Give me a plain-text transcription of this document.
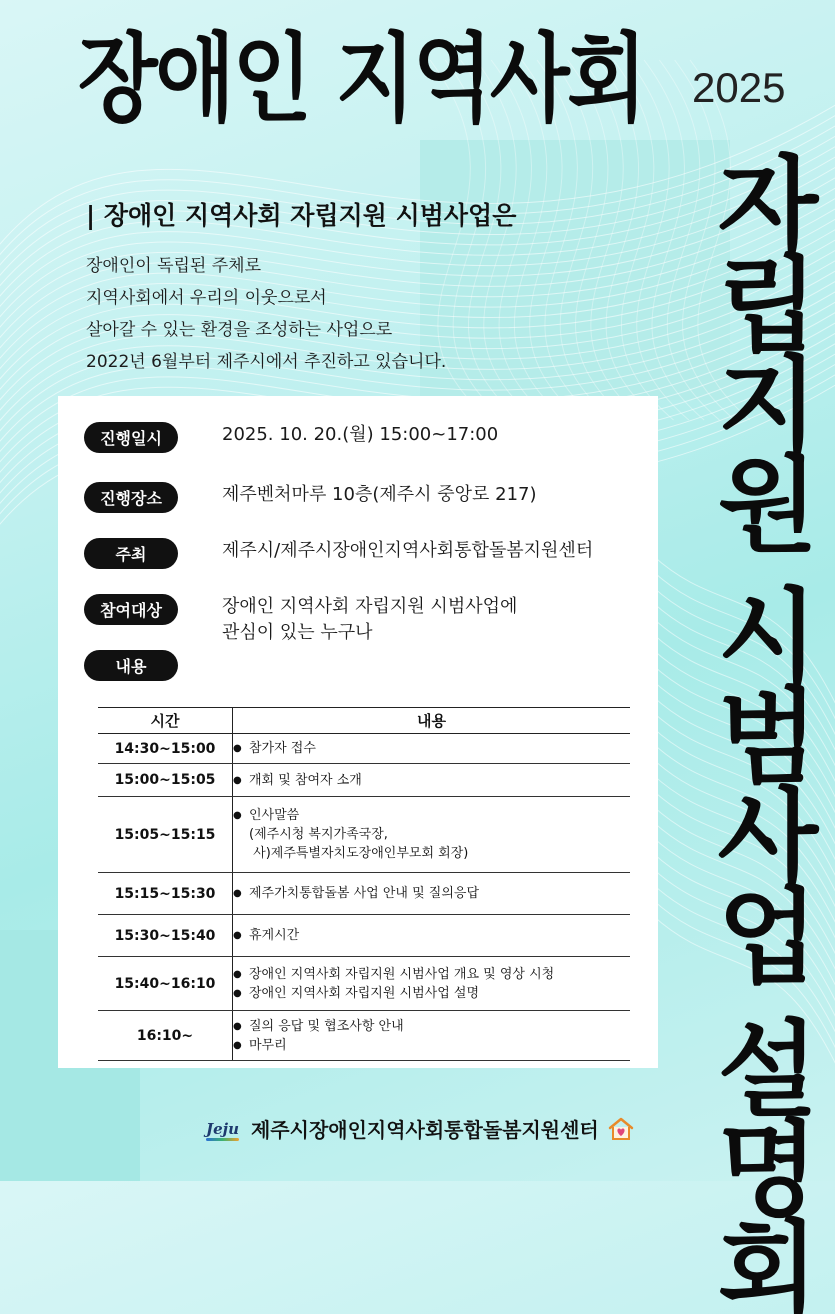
장애인 지역사회 2025
자립지원 시범사업 설명회
| 장애인 지역사회 자립지원 시범사업은
장애인이 독립된 주체로
지역사회에서 우리의 이웃으로서
살아갈 수 있는 환경을 조성하는 사업으로
2022년 6월부터 제주시에서 추진하고 있습니다.
진행일시	2025. 10. 20.(월) 15:00~17:00
진행장소	제주벤처마루 10층(제주시 중앙로 217)
주최	제주시/제주시장애인지역사회통합돌봄지원센터
참여대상	장애인 지역사회 자립지원 시범사업에
관심이 있는 누구나
내용
시간	내용
14:30~15:00	● 참가자 접수

15:00~15:05	● 개회 및 참여자 소개

15:05~15:15	● 인사말씀
(제주시청 복지가족국장,
사)제주특별자치도장애인부모회 회장)

15:15~15:30	● 제주가치통합돌봄 사업 안내 및 질의응답

15:30~15:40	● 휴게시간

15:40~16:10	● 장애인 지역사회 자립지원 시범사업 개요 및 영상 시청
● 장애인 지역사회 자립지원 시범사업 설명

16:10~	● 질의 응답 및 협조사항 안내
● 마무리
Jeju 제주시장애인지역사회통합돌봄지원센터
